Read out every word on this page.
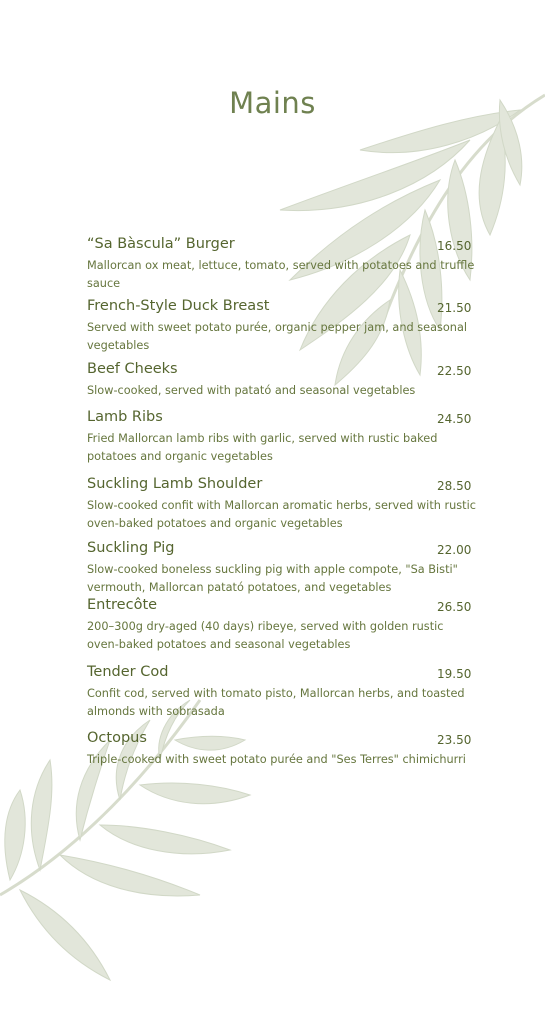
Mains
“Sa Bàscula” Burger	16.50
Mallorcan ox meat, lettuce, tomato, served with potatoes and truffle sauce
French-Style Duck Breast	21.50
Served with sweet potato purée, organic pepper jam, and seasonal vegetables
Beef Cheeks	22.50
Slow-cooked, served with patató and seasonal vegetables
Lamb Ribs	24.50
Fried Mallorcan lamb ribs with garlic, served with rustic baked potatoes and organic vegetables
Suckling Lamb Shoulder	28.50
Slow-cooked confit with Mallorcan aromatic herbs, served with rustic oven-baked potatoes and organic vegetables
Suckling Pig	22.00
Slow-cooked boneless suckling pig with apple compote, "Sa Bisti" vermouth, Mallorcan patató potatoes, and vegetables
Entrecôte	26.50
200–300g dry-aged (40 days) ribeye, served with golden rustic oven-baked potatoes and seasonal vegetables
Tender Cod	19.50
Confit cod, served with tomato pisto, Mallorcan herbs, and toasted almonds with sobrasada
Octopus	23.50
Triple-cooked with sweet potato purée and "Ses Terres" chimichurri
